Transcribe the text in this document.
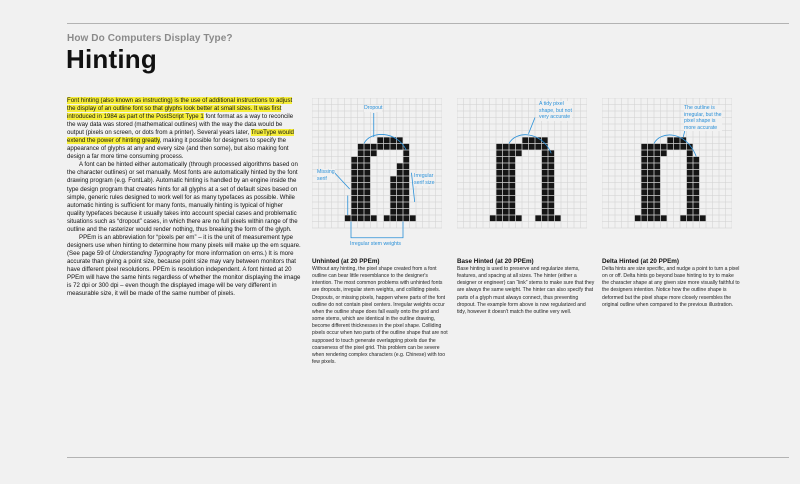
How Do Computers Display Type?
Hinting

Font hinting (also known as instructing) is the use of additional instructions to adjust the display of an outline font so that glyphs look better at small sizes. It was first introduced in 1984 as part of the PostScript Type 1 font format as a way to reconcile the way data was stored (mathematical outlines) with the way the data would be output (pixels on screen, or dots from a printer). Several years later, TrueType would extend the power of hinting greatly, making it possible for designers to specify the appearance of glyphs at any and every size (and then some), but also making font design a far more time consuming process.

A font can be hinted either automatically (through processed algorithms based on the character outlines) or set manually. Most fonts are automatically hinted by the font drawing program (e.g. FontLab). Automatic hinting is handled by an engine inside the type design program that creates hints for all glyphs at a set of default sizes based on simple, generic rules designed to work well for as many typefaces as possible. While automatic hinting is sufficient for many fonts, manually hinting is typical of higher quality typefaces because it usually takes into account special cases and problematic situations such as “dropout” cases, in which there are no full pixels within range of the outline and the rasterizer would render nothing, thus breaking the form of the glyph.

PPEm is an abbreviation for “pixels per em” – it is the unit of measurement type designers use when hinting to determine how many pixels will make up the em square. (See page 59 of Understanding Typography for more information on ems.) It is more accurate than giving a point size, because point size may vary between monitors that have different pixel resolutions. PPEm is resolution independent. A font hinted at 20 PPEm will have the same hints regardless of whether the monitor displaying the image is 72 dpi or 300 dpi – even though the displayed image will be very different in measurable size, it will be made of the same number of pixels.

Dropout
Missing
serif	Irregular
serif size
Irregular stem weights
A tidy pixel
shape, but not
very accurate
The outline is
irregular, but the
pixel shape is
more accurate
Unhinted (at 20 PPEm)
Without any hinting, the pixel shape created from a font outline can bear little resemblance to the designer's intention. The most common problems with unhinted fonts are dropouts, irregular stem weights, and colliding pixels. Dropouts, or missing pixels, happen where parts of the font outline do not contain pixel centers. Irregular weights occur when the outline shape does fall easily onto the grid and some stems, which are identical in the outline drawing, become different thicknesses in the pixel shape. Colliding pixels occur when two parts of the outline shape that are not supposed to touch generate overlapping pixels due the coarseness of the pixel grid. This problem can be severe when rendering complex characters (e.g. Chinese) with too few pixels.
Base Hinted (at 20 PPEm)
Base hinting is used to preserve and regularize stems, features, and spacing at all sizes. The hinter (either a designer or engineer) can “link” stems to make sure that they are always the same weight. The hinter can also specify that parts of a glyph must always connect, thus preventing dropout. The example form above is now regularized and tidy, however it doesn't match the outline very well.
Delta Hinted (at 20 PPEm)
Delta hints are size specific, and nudge a point to turn a pixel on or off. Delta hints go beyond base hinting to try to make the character shape at any given size more visually faithful to the designers intention. Notice how the outline shape is deformed but the pixel shape more closely resembles the original outline when compared to the previous illustration.
